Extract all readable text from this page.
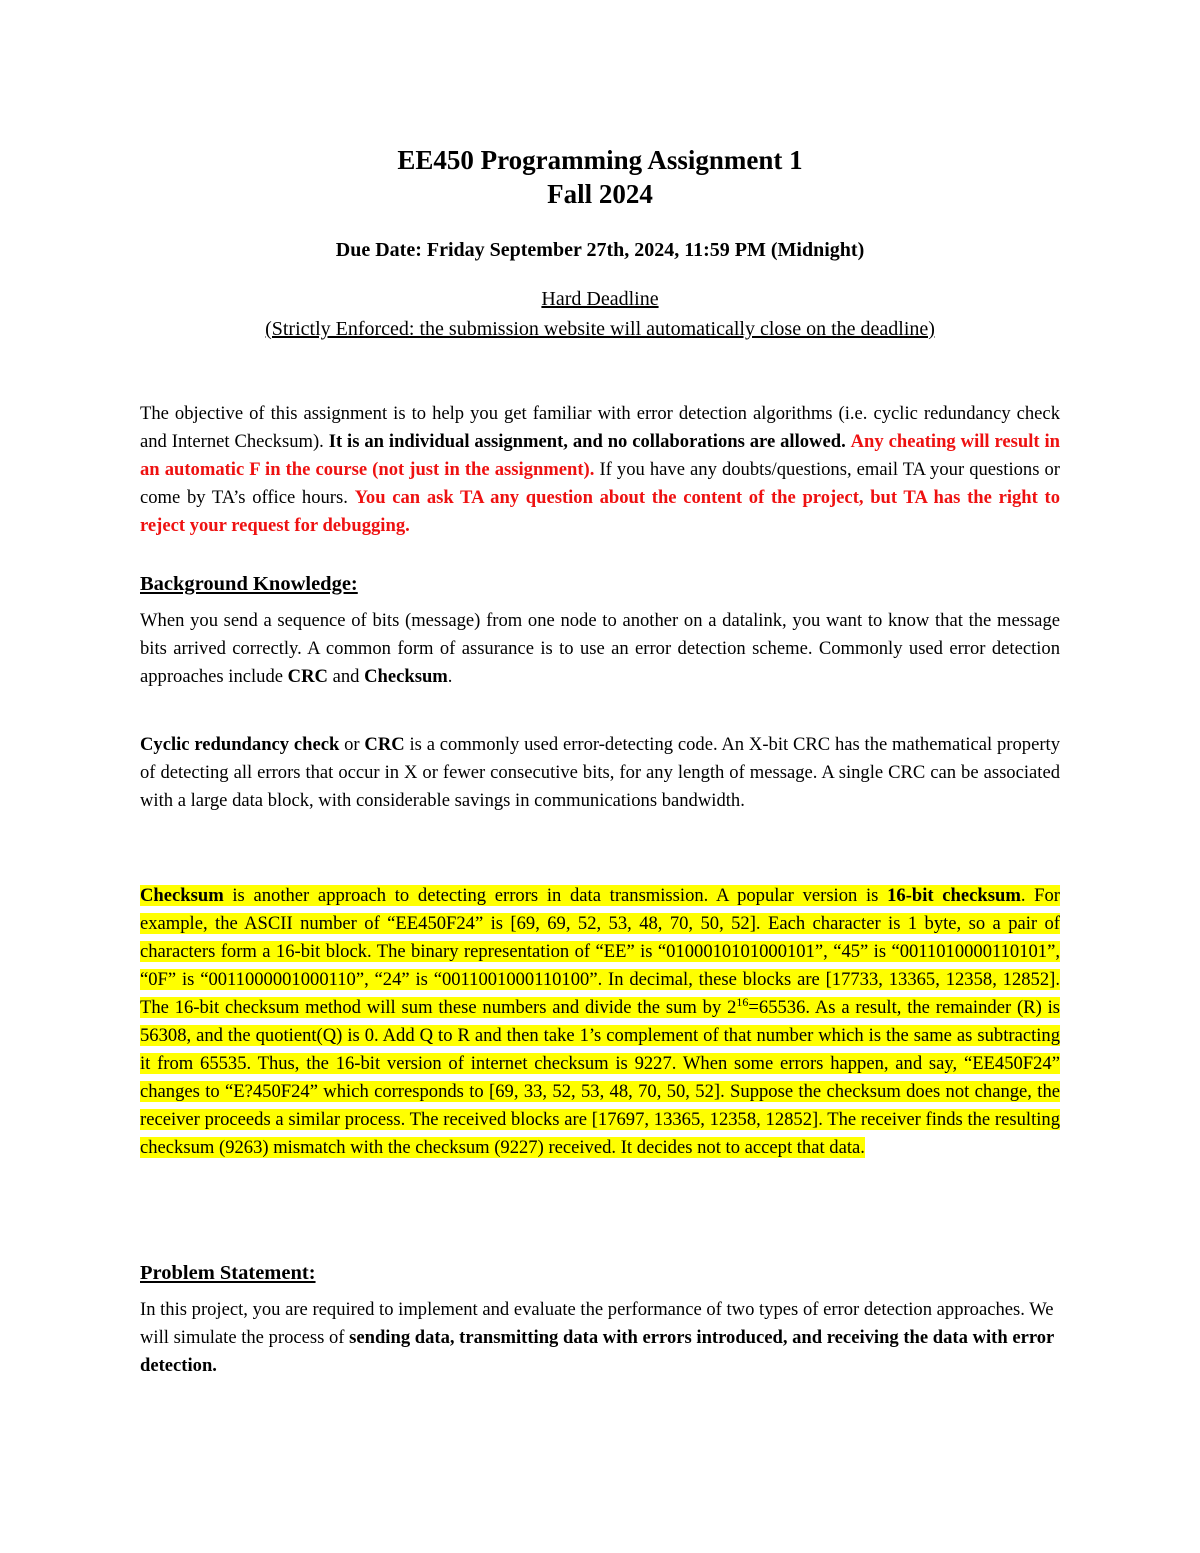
EE450 Programming Assignment 1
Fall 2024
Due Date: Friday September 27th, 2024, 11:59 PM (Midnight)
Hard Deadline
(Strictly Enforced: the submission website will automatically close on the deadline)
The objective of this assignment is to help you get familiar with error detection algorithms (i.e. cyclic redundancy check and Internet Checksum). It is an individual assignment, and no collaborations are allowed. Any cheating will result in an automatic F in the course (not just in the assignment). If you have any doubts/questions, email TA your questions or come by TA’s office hours. You can ask TA any question about the content of the project, but TA has the right to reject your request for debugging.
Background Knowledge:
When you send a sequence of bits (message) from one node to another on a datalink, you want to know that the message bits arrived correctly. A common form of assurance is to use an error detection scheme. Commonly used error detection approaches include CRC and Checksum.
Cyclic redundancy check or CRC is a commonly used error-detecting code. An X-bit CRC has the mathematical property of detecting all errors that occur in X or fewer consecutive bits, for any length of message. A single CRC can be associated with a large data block, with considerable savings in communications bandwidth.
Checksum is another approach to detecting errors in data transmission. A popular version is 16-bit checksum. For example, the ASCII number of “EE450F24” is [69, 69, 52, 53, 48, 70, 50, 52]. Each character is 1 byte, so a pair of characters form a 16-bit block. The binary representation of “EE” is “0100010101000101”, “45” is “0011010000110101”, “0F” is “0011000001000110”, “24” is “0011001000110100”. In decimal, these blocks are [17733, 13365, 12358, 12852]. The 16-bit checksum method will sum these numbers and divide the sum by $2^{16}=65536$. As a result, the remainder (R) is 56308, and the quotient(Q) is 0. Add Q to R and then take 1’s complement of that number which is the same as subtracting it from 65535. Thus, the 16-bit version of internet checksum is 9227. When some errors happen, and say, “EE450F24” changes to “E?450F24” which corresponds to [69, 33, 52, 53, 48, 70, 50, 52]. Suppose the checksum does not change, the receiver proceeds a similar process. The received blocks are [17697, 13365, 12358, 12852]. The receiver finds the resulting checksum (9263) mismatch with the checksum (9227) received. It decides not to accept that data.
Problem Statement:
In this project, you are required to implement and evaluate the performance of two types of error detection approaches. We will simulate the process of sending data, transmitting data with errors introduced, and receiving the data with error detection.
